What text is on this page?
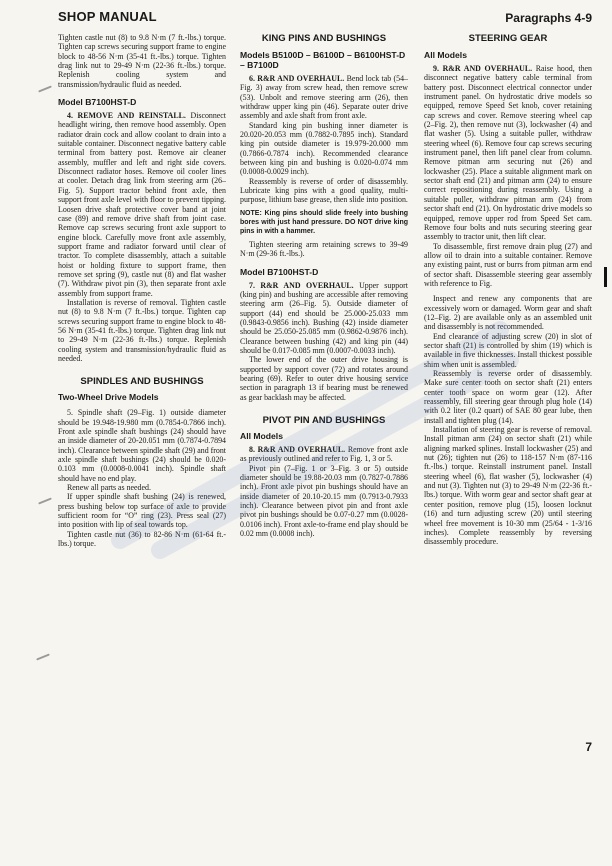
SHOP MANUAL	Paragraphs 4-9

Tighten castle nut (8) to 9.8 N·m (7 ft.-lbs.) torque. Tighten cap screws securing support frame to engine block to 48-56 N·m (35-41 ft.-lbs.) torque. Tighten drag link nut to 29-49 N·m (22-36 ft.-lbs.) torque. Replenish cooling system and transmission/hydraulic fluid as needed.

Model B7100HST-D

4. REMOVE AND REINSTALL. Disconnect headlight wiring, then remove hood assembly. Open radiator drain cock and allow coolant to drain into a suitable container. Disconnect negative battery cable terminal from battery post. Remove air cleaner assembly, muffler and left and right side covers. Disconnect radiator hoses. Remove oil cooler lines at cooler. Detach drag link from steering arm (26–Fig. 5). Support tractor behind front axle, then support front axle level with floor to prevent tipping. Loosen drive shaft protective cover band at joint case (89) and remove drive shaft from joint case. Remove cap screws securing front axle support to engine block. Carefully move front axle assembly, support frame and radiator forward until clear of tractor. To complete disassembly, attach a suitable hoist or holding fixture to support frame, then remove set spring (9), castle nut (8) and flat washer (7). Withdraw pivot pin (3), then separate front axle assembly from support frame.

Installation is reverse of removal. Tighten castle nut (8) to 9.8 N·m (7 ft.-lbs.) torque. Tighten cap screws securing support frame to engine block to 48-56 N·m (35-41 ft.-lbs.) torque. Tighten drag link nut to 29-49 N·m (22-36 ft.-lbs.) torque. Replenish cooling system and transmission/hydraulic fluid as needed.

SPINDLES AND BUSHINGS
Two-Wheel Drive Models

5. Spindle shaft (29–Fig. 1) outside diameter should be 19.948-19.980 mm (0.7854-0.7866 inch). Front axle spindle shaft bushings (24) should have an inside diameter of 20-20.051 mm (0.7874-0.7894 inch). Clearance between spindle shaft (29) and front axle spindle shaft bushings (24) should be 0.020-0.103 mm (0.0008-0.0041 inch). Spindle shaft should have no end play.

Renew all parts as needed.

If upper spindle shaft bushing (24) is renewed, press bushing below top surface of axle to provide sufficient room for “O” ring (23). Press seal (27) into position with lip of seal towards top.

Tighten castle nut (36) to 82-86 N·m (61-64 ft.-lbs.) torque.

KING PINS AND BUSHINGS
Models B5100D – B6100D – B6100HST-D – B7100D

6. R&R AND OVERHAUL. Bend lock tab (54–Fig. 3) away from screw head, then remove screw (53). Unbolt and remove steering arm (26), then withdraw upper king pin (46). Separate outer drive assembly and axle shaft from front axle.

Standard king pin bushing inner diameter is 20.020-20.053 mm (0.7882-0.7895 inch). Standard king pin outside diameter is 19.979-20.000 mm (0.7866-0.7874 inch). Recommended clearance between king pin and bushing is 0.020-0.074 mm (0.0008-0.0029 inch).

Reassembly is reverse of order of disassembly. Lubricate king pins with a good quality, multi-purpose, lithium base grease, then slide into position.

NOTE: King pins should slide freely into bushing bores with just hand pressure. DO NOT drive king pins in with a hammer.

Tighten steering arm retaining screws to 39-49 N·m (29-36 ft.-lbs.).

Model B7100HST-D

7. R&R AND OVERHAUL. Upper support (king pin) and bushing are accessible after removing steering arm (26–Fig. 5). Outside diameter of support (44) end should be 25.000-25.033 mm (0.9843-0.9856 inch). Bushing (42) inside diameter should be 25.050-25.085 mm (0.9862-0.9876 inch). Clearance between bushing (42) and king pin (44) should be 0.017-0.085 mm (0.0007-0.0033 inch).

The lower end of the outer drive housing is supported by support cover (72) and rotates around bearing (69). Refer to outer drive housing service section in paragraph 13 if bearing must be renewed as gear backlash may be affected.

PIVOT PIN AND BUSHINGS
All Models

8. R&R AND OVERHAUL. Remove front axle as previously outlined and refer to Fig. 1, 3 or 5.

Pivot pin (7–Fig. 1 or 3–Fig. 3 or 5) outside diameter should be 19.88-20.03 mm (0.7827-0.7886 inch). Front axle pivot pin bushings should have an inside diameter of 20.10-20.15 mm (0.7913-0.7933 inch). Clearance between pivot pin and front axle pivot pin bushings should be 0.07-0.27 mm (0.0028-0.0106 inch). Front axle-to-frame end play should be 0.02 mm (0.0008 inch).

STEERING GEAR
All Models

9. R&R AND OVERHAUL. Raise hood, then disconnect negative battery cable terminal from battery post. Disconnect electrical connector under instrument panel. On hydrostatic drive models so equipped, remove Speed Set knob, cover retaining cap screws and cover. Remove steering wheel cap (2–Fig. 2), then remove nut (3), lockwasher (4) and flat washer (5). Using a suitable puller, withdraw steering wheel (6). Remove four cap screws securing instrument panel, then lift panel clear from column. Remove pitman arm securing nut (26) and lockwasher (25). Place a suitable alignment mark on sector shaft end (21) and pitman arm (24) to ensure correct repositioning during reassembly. Using a suitable puller, withdraw pitman arm (24) from sector shaft end (21). On hydrostatic drive models so equipped, remove upper rod from Speed Set cam. Remove four bolts and nuts securing steering gear assembly to tractor unit, then lift clear.

To disassemble, first remove drain plug (27) and allow oil to drain into a suitable container. Remove any existing paint, rust or burrs from pitman arm end of sector shaft. Disassemble steering gear assembly with reference to Fig.

Inspect and renew any components that are excessively worn or damaged. Worm gear and shaft (12–Fig. 2) are available only as an assembled unit and disassembly is not recommended.

End clearance of adjusting screw (20) in slot of sector shaft (21) is controlled by shim (19) which is available in five thicknesses. Install thickest possible shim when unit is assembled.

Reassembly is reverse order of disassembly. Make sure center tooth on sector shaft (21) enters center tooth space on worm gear (12). After reassembly, fill steering gear through plug hole (14) with 0.2 liter (0.2 quart) of SAE 80 gear lube, then install and tighten plug (14).

Installation of steering gear is reverse of removal. Install pitman arm (24) on sector shaft (21) while aligning marked splines. Install lockwasher (25) and nut (26); tighten nut (26) to 118-157 N·m (87-116 ft.-lbs.) torque. Reinstall instrument panel. Install steering wheel (6), flat washer (5), lockwasher (4) and nut (3). Tighten nut (3) to 29-49 N·m (22-36 ft.-lbs.) torque. With worm gear and sector shaft gear at center position, remove plug (15), loosen locknut (16) and turn adjusting screw (20) until steering wheel free movement is 10-30 mm (25/64 - 1-3/16 inches). Complete reassembly by reversing disassembly procedure.

7
